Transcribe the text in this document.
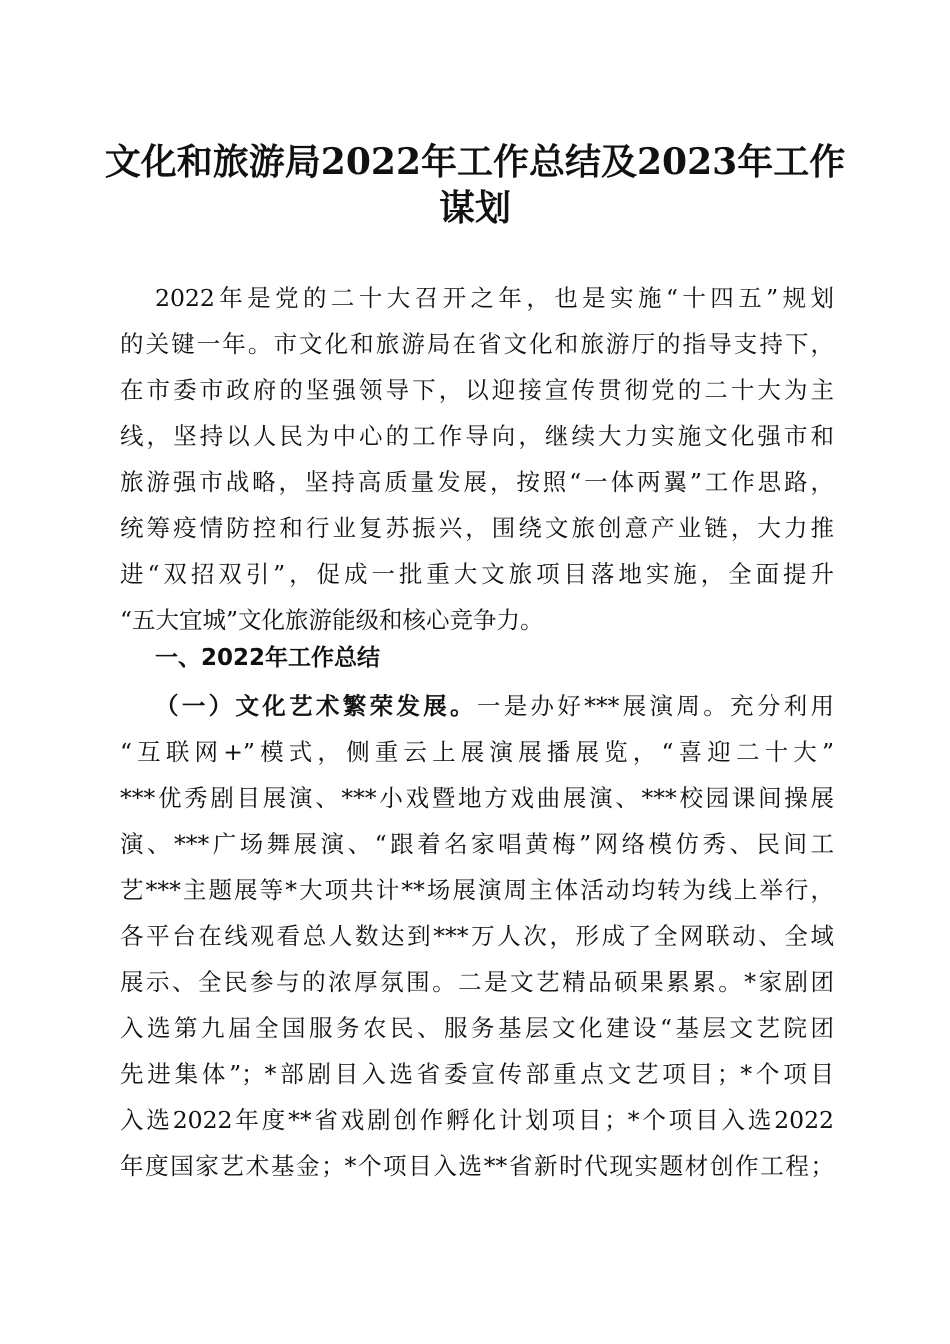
文化和旅游局2022年工作总结及2023年工作
谋划
2022年是党的二十大召开之年，也是实施“十四五”规划
的关键一年。市文化和旅游局在省文化和旅游厅的指导支持下，
在市委市政府的坚强领导下，以迎接宣传贯彻党的二十大为主
线，坚持以人民为中心的工作导向，继续大力实施文化强市和
旅游强市战略，坚持高质量发展，按照“一体两翼”工作思路，
统筹疫情防控和行业复苏振兴，围绕文旅创意产业链，大力推
进“双招双引”，促成一批重大文旅项目落地实施，全面提升
“五大宜城”文化旅游能级和核心竞争力。
一、2022年工作总结
（一）文化艺术繁荣发展。一是办好***展演周。充分利用
“互联网+”模式，侧重云上展演展播展览，“喜迎二十大”
***优秀剧目展演、***小戏暨地方戏曲展演、***校园课间操展
演、***广场舞展演、“跟着名家唱黄梅”网络模仿秀、民间工
艺***主题展等*大项共计**场展演周主体活动均转为线上举行，
各平台在线观看总人数达到***万人次，形成了全网联动、全域
展示、全民参与的浓厚氛围。二是文艺精品硕果累累。*家剧团
入选第九届全国服务农民、服务基层文化建设“基层文艺院团
先进集体”；*部剧目入选省委宣传部重点文艺项目；*个项目
入选2022年度**省戏剧创作孵化计划项目；*个项目入选2022
年度国家艺术基金；*个项目入选**省新时代现实题材创作工程；
